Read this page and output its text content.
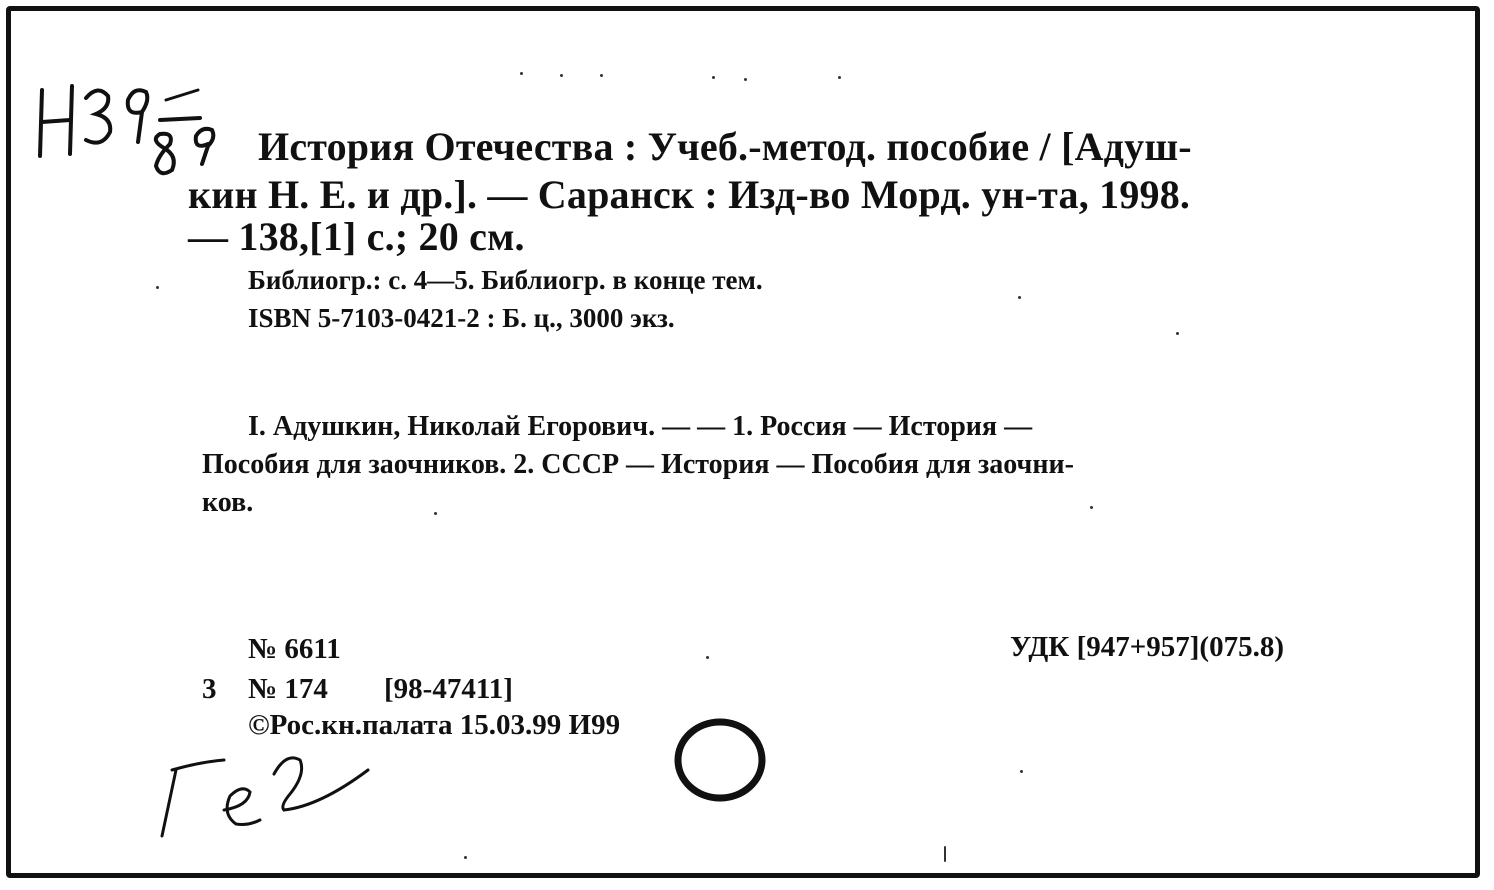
История Отечества : Учеб.-метод. пособие / [Адуш-
кин Н. Е. и др.]. — Саранск : Изд-во Морд. ун-та, 1998.
— 138,[1] с.; 20 см.
Библиогр.: с. 4—5. Библиогр. в конце тем.
ISBN 5-7103-0421-2 : Б. ц., 3000 экз.
I. Адушкин, Николай Егорович. — — 1. Россия — История —
Пособия для заочников. 2. СССР — История — Пособия для заочни-
ков.
№ 6611	УДК [947+957](075.8)
3 № 174 [98-47411]
©Рос.кн.палата 15.03.99 И99
